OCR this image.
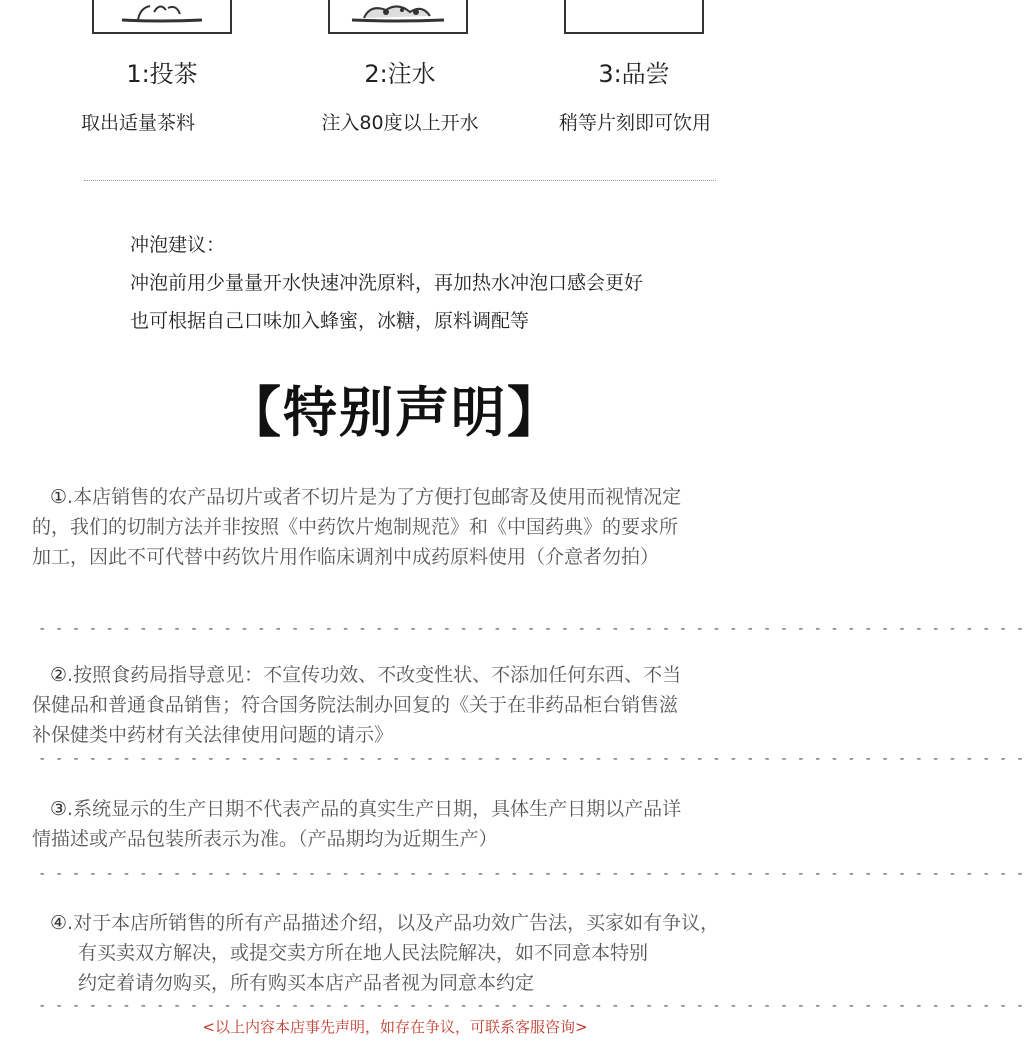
1:投茶
取出适量茶料
2:注水
注入80度以上开水
3:品尝
稍等片刻即可饮用
冲泡建议：
冲泡前用少量量开水快速冲洗原料，再加热水冲泡口感会更好
也可根据自己口味加入蜂蜜，冰糖，原料调配等
【特别声明】
①.本店销售的农产品切片或者不切片是为了方便打包邮寄及使用而视情况定
的，我们的切制方法并非按照《中药饮片炮制规范》和《中国药典》的要求所
加工，因此不可代替中药饮片用作临床调剂中成药原料使用（介意者勿拍）
- - - - - - - - - - - - - - - - - - - - - - - - - - - - - - - - - - - - - - - - - - - - - - - - - - - - - - - - - - -
②.按照食药局指导意见：不宣传功效、不改变性状、不添加任何东西、不当
保健品和普通食品销售；符合国务院法制办回复的《关于在非药品柜台销售滋
补保健类中药材有关法律使用问题的请示》
- - - - - - - - - - - - - - - - - - - - - - - - - - - - - - - - - - - - - - - - - - - - - - - - - - - - - - - - - - -
③.系统显示的生产日期不代表产品的真实生产日期，具体生产日期以产品详
情描述或产品包装所表示为准。（产品期均为近期生产）
- - - - - - - - - - - - - - - - - - - - - - - - - - - - - - - - - - - - - - - - - - - - - - - - - - - - - - - - - - -
④.对于本店所销售的所有产品描述介绍，以及产品功效广告法，买家如有争议，
有买卖双方解决，或提交卖方所在地人民法院解决，如不同意本特别
约定着请勿购买，所有购买本店产品者视为同意本约定
- - - - - - - - - - - - - - - - - - - - - - - - - - - - - - - - - - - - - - - - - - - - - - - - - - - - - - - - - - -
<以上内容本店事先声明，如存在争议，可联系客服咨询>
